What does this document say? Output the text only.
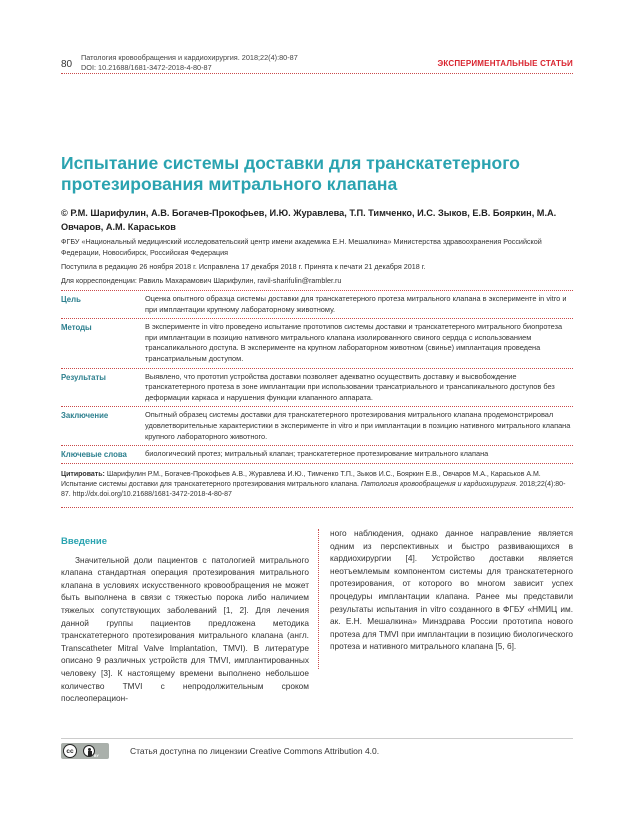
80
Патология кровообращения и кардиохирургия. 2018;22(4):80-87
DOI: 10.21688/1681-3472-2018-4-80-87	ЭКСПЕРИМЕНТАЛЬНЫЕ СТАТЬИ
Испытание системы доставки для транскатетерного протезирования митрального клапана
© Р.М. Шарифулин, А.В. Богачев-Прокофьев, И.Ю. Журавлева, Т.П. Тимченко, И.С. Зыков, Е.В. Бояркин, М.А. Овчаров, А.М. Караськов
ФГБУ «Национальный медицинский исследовательский центр имени академика Е.Н. Мешалкина» Министерства здравоохранения Российской Федерации, Новосибирск, Российская Федерация
Поступила в редакцию 26 ноября 2018 г. Исправлена 17 декабря 2018 г. Принята к печати 21 декабря 2018 г.
Для корреспонденции: Равиль Махарамович Шарифулин, ravil-sharifulin@rambler.ru
Цель	Оценка опытного образца системы доставки для транскатетерного протеза митрального клапана в эксперименте in vitro и при имплантации крупному лабораторному животному.
Методы	В эксперименте in vitro проведено испытание прототипов системы доставки и транскатетерного митрального биопротеза при имплантации в позицию нативного митрального клапана изолированного свиного сердца с использованием трансапикального доступа. В эксперименте на крупном лабораторном животном (свинье) имплантация проведена трансатриальным доступом.
Результаты	Выявлено, что прототип устройства доставки позволяет адекватно осуществить доставку и высвобождение транскатетерного протеза в зоне имплантации при использовании трансатриального и трансапикального доступов без деформации каркаса и нарушения функции клапанного аппарата.
Заключение	Опытный образец системы доставки для транскатетерного протезирования митрального клапана продемонстрировал удовлетворительные характеристики в эксперименте in vitro и при имплантации в позицию нативного митрального клапана крупного лабораторного животного.
Ключевые слова	биологический протез; митральный клапан; транскатетерное протезирование митрального клапана
Цитировать: Шарифулин Р.М., Богачев-Прокофьев А.В., Журавлева И.Ю., Тимченко Т.П., Зыков И.С., Бояркин Е.В., Овчаров М.А., Караськов А.М. Испытание системы доставки для транскатетерного протезирования митрального клапана. Патология кровообращения и кардиохирургия. 2018;22(4):80-87. http://dx.doi.org/10.21688/1681-3472-2018-4-80-87
Введение

Значительной доли пациентов с патологией митрального клапана стандартная операция протезирования митрального клапана в условиях искусственного кровообращения не может быть выполнена в связи с тяжестью порока либо наличием тяжелых сопутствующих заболеваний [1, 2]. Для лечения данной группы пациентов предложена методика транскатетерного протезирования митрального клапана (англ. Transcatheter Mitral Valve Implantation, TMVI). В литературе описано 9 различных устройств для TMVI, имплантированных человеку [3]. К настоящему времени выполнено небольшое количество TMVI с непродолжительным сроком послеоперацион-

ного наблюдения, однако данное направление является одним из перспективных и быстро развивающихся в кардиохирургии [4]. Устройство доставки является неотъемлемым компонентом системы для транскатетерного протезирования, от которого во многом зависит успех процедуры имплантации клапана. Ранее мы представили результаты испытания in vitro созданного в ФГБУ «НМИЦ им. ак. Е.Н. Мешалкина» Минздрава России прототипа нового протеза для TMVI при имплантации в позицию биологического протеза и нативного митрального клапана [5, 6].

cc
BY	Статья доступна по лицензии Creative Commons Attribution 4.0.
